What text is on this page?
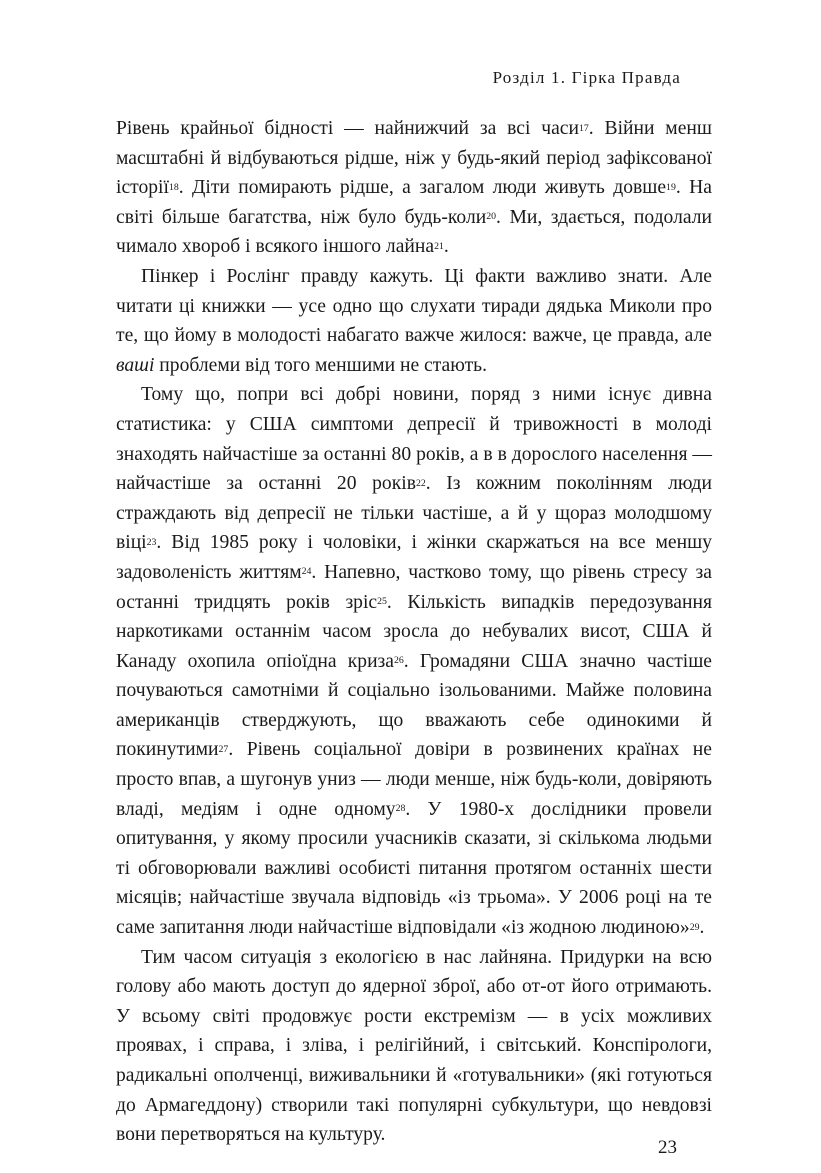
Розділ 1. Гірка Правда

Рівень крайньої бідності — найнижчий за всі часи$^{17}$. Війни менш масштабні й відбуваються рідше, ніж у будь-який період зафіксованої історії$^{18}$. Діти помирають рідше, а загалом люди живуть довше$^{19}$. На світі більше багатства, ніж було будь-коли$^{20}$. Ми, здається, подолали чимало хвороб і всякого іншого лайна$^{21}$.

Пінкер і Рослінг правду кажуть. Ці факти важливо знати. Але читати ці книжки — усе одно що слухати тиради дядька Миколи про те, що йому в молодості набагато важче жилося: важче, це правда, але ваші проблеми від того меншими не стають.

Тому що, попри всі добрі новини, поряд з ними існує дивна статистика: у США симптоми депресії й тривожності в молоді знаходять найчастіше за останні 80 років, а в в дорослого населення — найчастіше за останні 20 років$^{22}$. Із кожним поколінням люди страждають від депресії не тільки частіше, а й у щораз молодшому віці$^{23}$. Від 1985 року і чоловіки, і жінки скаржаться на все меншу задоволеність життям$^{24}$. Напевно, частково тому, що рівень стресу за останні тридцять років зріс$^{25}$. Кількість випадків передозування наркотиками останнім часом зросла до небувалих висот, США й Канаду охопила опіоїдна криза$^{26}$. Громадяни США значно частіше почуваються самотніми й соціально ізольованими. Майже половина американців стверджують, що вважають себе одинокими й покинутими$^{27}$. Рівень соціальної довіри в розвинених країнах не просто впав, а шугонув униз — люди менше, ніж будь-коли, довіряють владі, медіям і одне одному$^{28}$. У 1980-х дослідники провели опитування, у якому просили учасників сказати, зі скількома людьми ті обговорювали важливі особисті питання протягом останніх шести місяців; найчастіше звучала відповідь «із трьома». У 2006 році на те саме запитання люди найчастіше відповідали «із жодною людиною»$^{29}$.

Тим часом ситуація з екологією в нас лайняна. Придурки на всю голову або мають доступ до ядерної зброї, або от-от його отримають. У всьому світі продовжує рости екстремізм — в усіх можливих проявах, і справа, і зліва, і релігійний, і світський. Конспірологи, радикальні ополченці, виживальники й «готувальники» (які готуються до Армагеддону) створили такі популярні субкультури, що невдовзі вони перетворяться на культуру.

23
